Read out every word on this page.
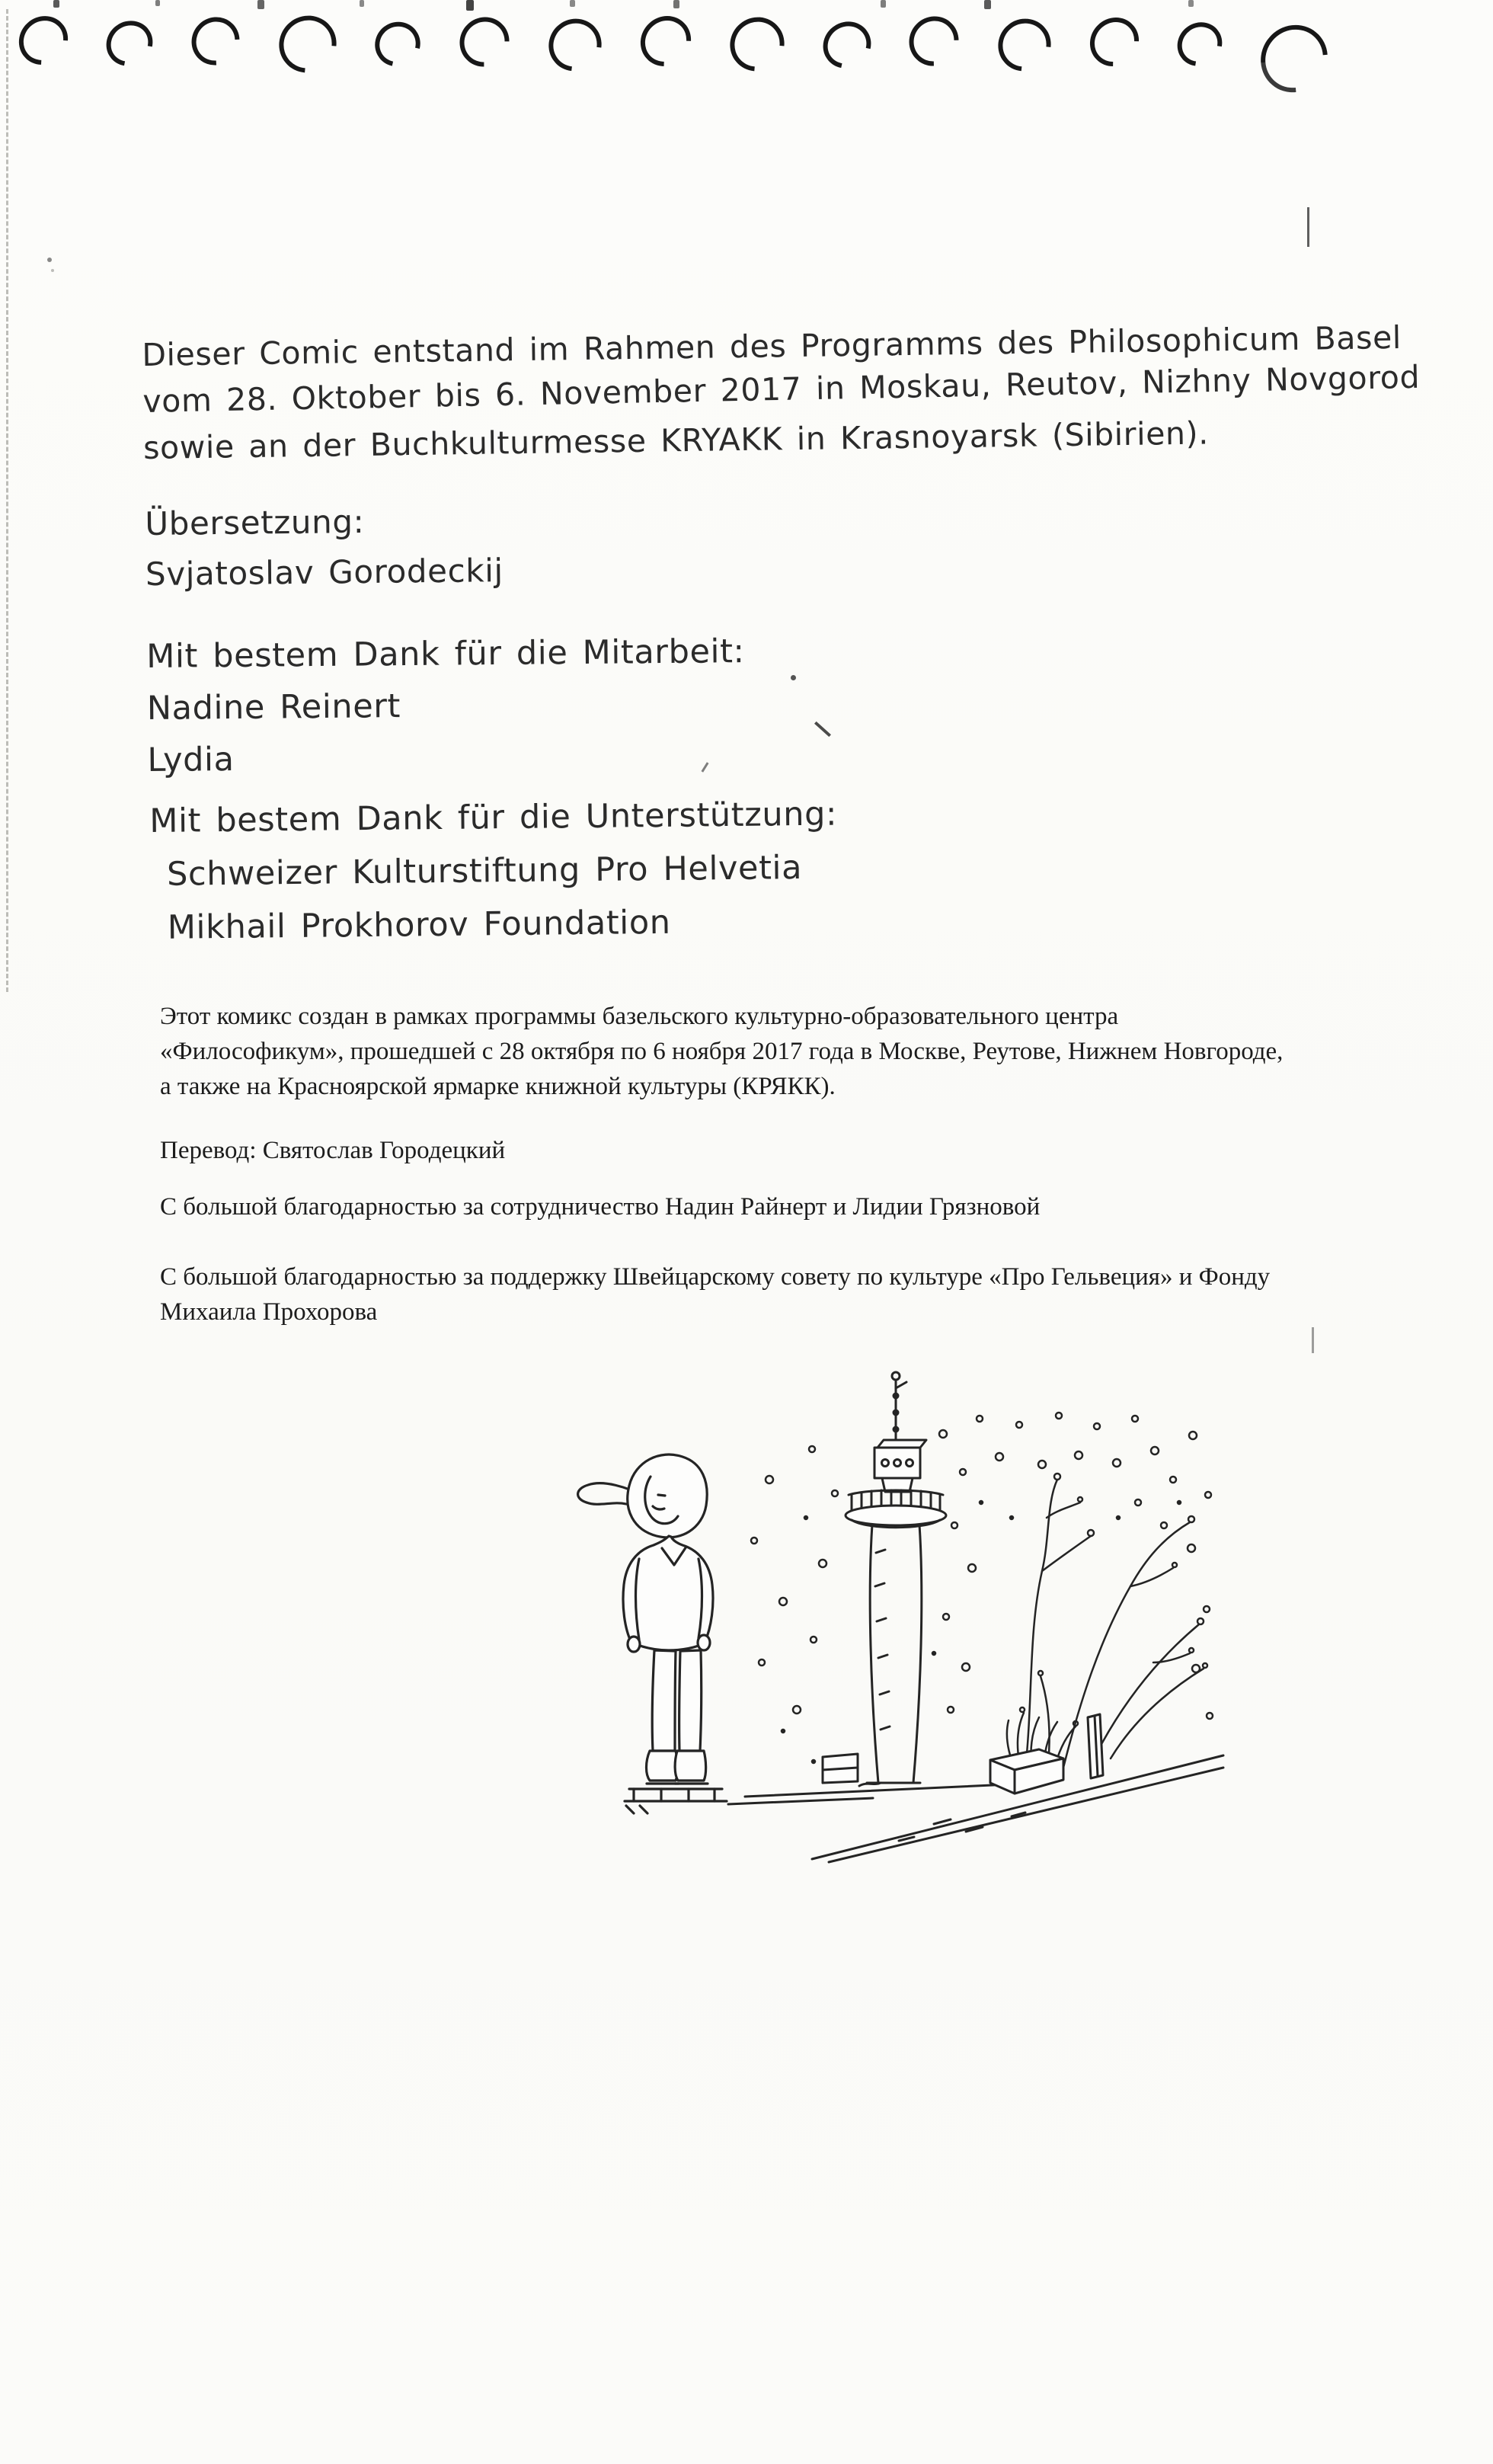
Dieser Comic entstand im Rahmen des Programms des Philosophicum Basel

vom 28. Oktober bis 6. November 2017 in Moskau, Reutov, Nizhny Novgorod

sowie an der Buchkulturmesse KRYAKK in Krasnoyarsk (Sibirien).

Übersetzung:

Svjatoslav Gorodeckij

Mit bestem Dank für die Mitarbeit:

Nadine Reinert

Lydia

Mit bestem Dank für die Unterstützung:

Schweizer Kulturstiftung Pro Helvetia

Mikhail Prokhorov Foundation

Этот комикс создан в рамках программы базельского культурно-образовательного центра «Философикум», прошедшей с 28 октября по 6 ноября 2017 года в Москве, Реутове, Нижнем Новгороде, а также на Красноярской ярмарке книжной культуры (КРЯКК).

Перевод: Святослав Городецкий

С большой благодарностью за сотрудничество Надин Райнерт и Лидии Грязновой

С большой благодарностью за поддержку Швейцарскому совету по культуре «Про Гельвеция» и Фонду Михаила Прохорова
